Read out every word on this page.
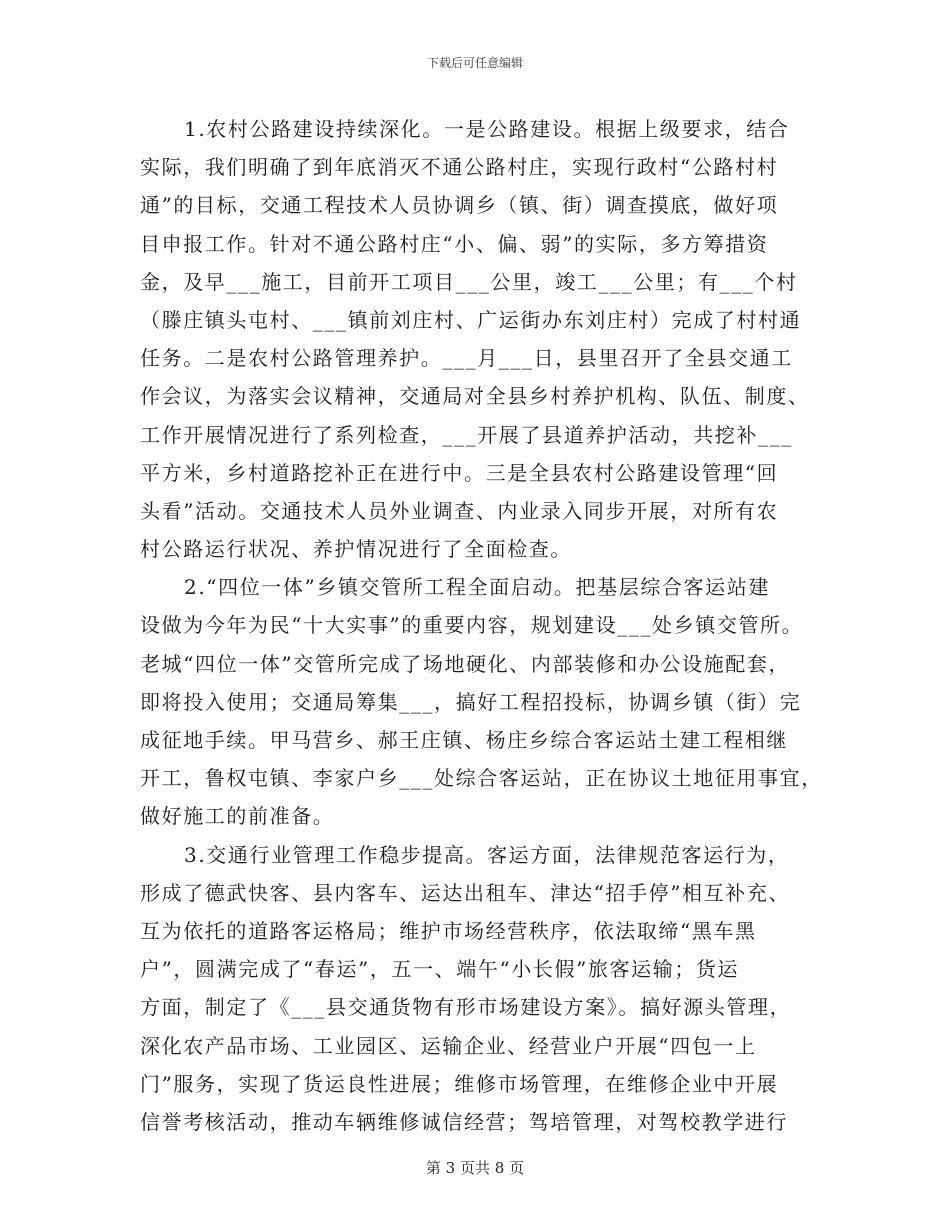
下载后可任意编辑
1.农村公路建设持续深化。一是公路建设。根据上级要求，结合
实际，我们明确了到年底消灭不通公路村庄，实现行政村“公路村村
通”的目标，交通工程技术人员协调乡（镇、街）调查摸底，做好项
目申报工作。针对不通公路村庄“小、偏、弱”的实际，多方筹措资
金，及早___施工，目前开工项目___公里，竣工___公里；有___个村
（滕庄镇头屯村、___镇前刘庄村、广运街办东刘庄村）完成了村村通
任务。二是农村公路管理养护。___月___日，县里召开了全县交通工
作会议，为落实会议精神，交通局对全县乡村养护机构、队伍、制度、
工作开展情况进行了系列检查，___开展了县道养护活动，共挖补___
平方米，乡村道路挖补正在进行中。三是全县农村公路建设管理“回
头看”活动。交通技术人员外业调查、内业录入同步开展，对所有农
村公路运行状况、养护情况进行了全面检查。
2.“四位一体”乡镇交管所工程全面启动。把基层综合客运站建
设做为今年为民“十大实事”的重要内容，规划建设___处乡镇交管所。
老城“四位一体”交管所完成了场地硬化、内部装修和办公设施配套，
即将投入使用；交通局筹集___，搞好工程招投标，协调乡镇（街）完
成征地手续。甲马营乡、郝王庄镇、杨庄乡综合客运站土建工程相继
开工，鲁权屯镇、李家户乡___处综合客运站，正在协议土地征用事宜，
做好施工的前准备。
3.交通行业管理工作稳步提高。客运方面，法律规范客运行为，
形成了德武快客、县内客车、运达出租车、津达“招手停”相互补充、
互为依托的道路客运格局；维护市场经营秩序，依法取缔“黑车黑
户”，圆满完成了“春运”，五一、端午“小长假”旅客运输；货运
方面，制定了《___县交通货物有形市场建设方案》。搞好源头管理，
深化农产品市场、工业园区、运输企业、经营业户开展“四包一上
门”服务，实现了货运良性进展；维修市场管理，在维修企业中开展
信誉考核活动，推动车辆维修诚信经营；驾培管理，对驾校教学进行
第 3 页共 8 页
